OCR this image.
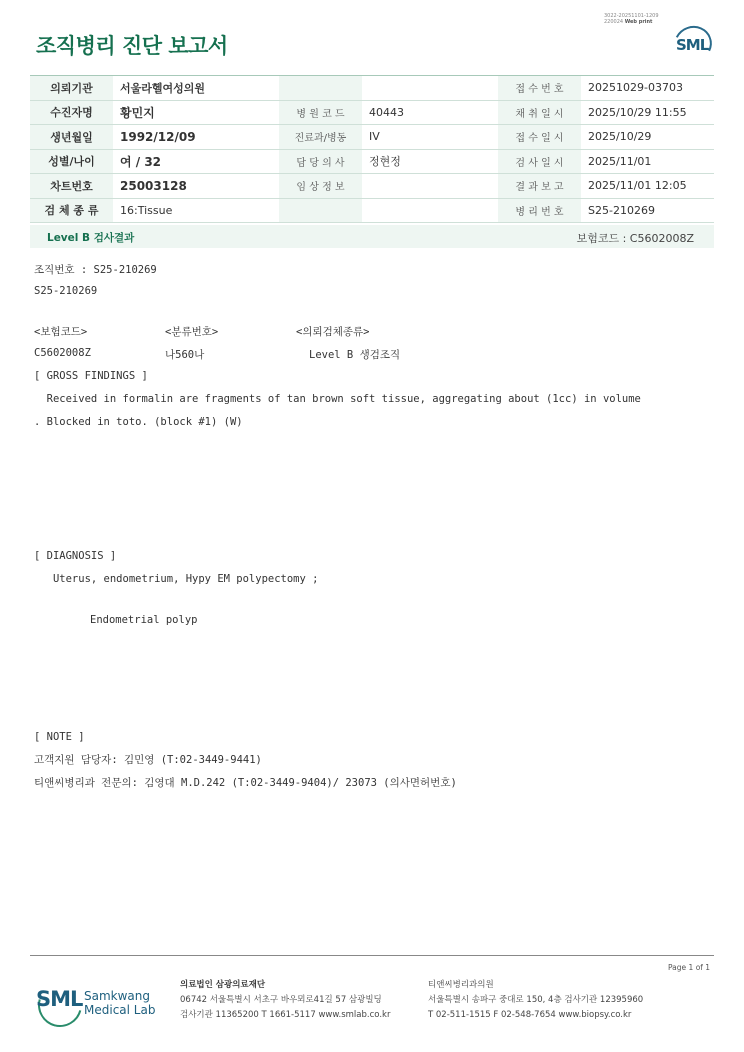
조직병리 진단 보고서
3022-20251101-1209
220024 Web print
SML
의뢰기관	서울라헬여성의원			접 수 번 호	20251029-03703
수진자명	황민지	병 원 코 드	40443	채 취 일 시	2025/10/29 11:55
생년월일	1992/12/09	진료과/병동	IV	접 수 일 시	2025/10/29
성별/나이	여 / 32	담 당 의 사	정현정	검 사 일 시	2025/11/01
차트번호	25003128	임 상 정 보		결 과 보 고	2025/11/01 12:05
검 체 종 류	16:Tissue			병 리 번 호	S25-210269
Level B 검사결과	보험코드 : C5602008Z
조직번호 : S25-210269
S25-210269
<보험코드>	<분류번호>	<의뢰검체종류>
C5602008Z	나560나	Level B 생검조직
[ GROSS FINDINGS ]
Received in formalin are fragments of tan brown soft tissue, aggregating about (1cc) in volume
. Blocked in toto. (block #1) (W)
[ DIAGNOSIS ]
Uterus, endometrium, Hypy EM polypectomy ;
Endometrial polyp
[ NOTE ]
고객지원 담당자: 김민영 (T:02-3449-9441)
티앤씨병리과 전문의: 김영대 M.D.242 (T:02-3449-9404)/ 23073 (의사면허번호)
Page 1 of 1
SML Samkwang
Medical Lab
의료법인 삼광의료재단
06742 서울특별시 서초구 바우뫼로41길 57 삼광빌딩
검사기관 11365200 T 1661-5117 www.smlab.co.kr
티앤씨병리과의원
서울특별시 송파구 중대로 150, 4층 검사기관 12395960
T 02-511-1515 F 02-548-7654 www.biopsy.co.kr
